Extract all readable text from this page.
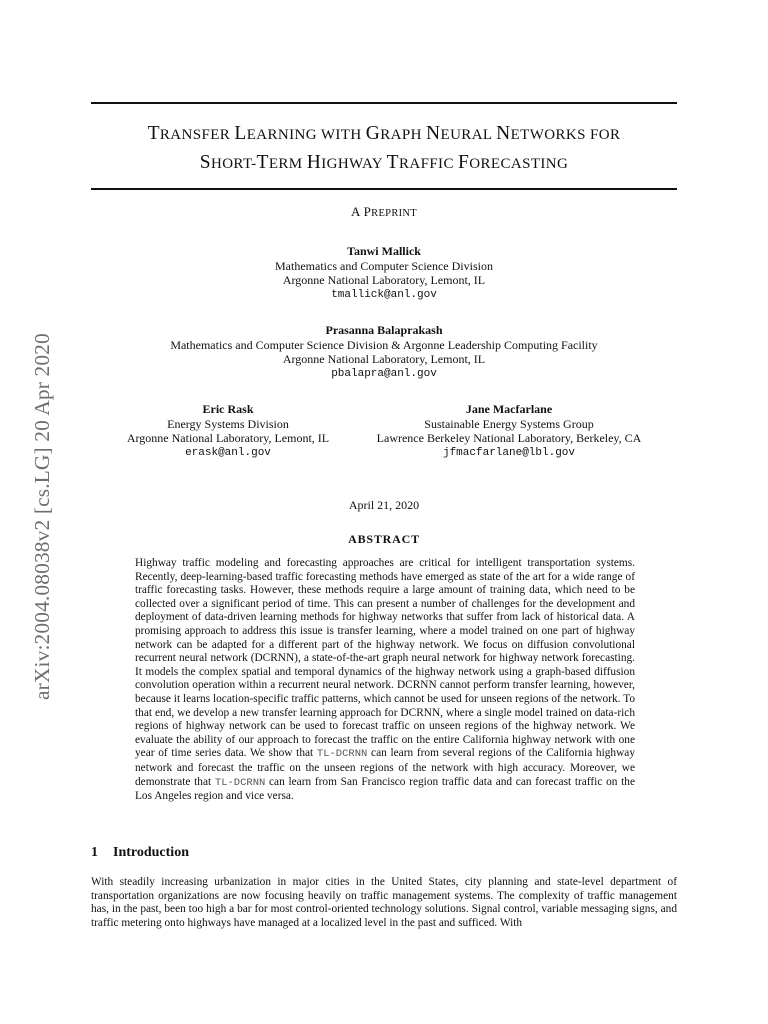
arXiv:2004.08038v2 [cs.LG] 20 Apr 2020
TRANSFER LEARNING WITH GRAPH NEURAL NETWORKS FOR
SHORT-TERM HIGHWAY TRAFFIC FORECASTING
A PREPRINT
Tanwi Mallick
Mathematics and Computer Science Division
Argonne National Laboratory, Lemont, IL
tmallick@anl.gov
Prasanna Balaprakash
Mathematics and Computer Science Division & Argonne Leadership Computing Facility
Argonne National Laboratory, Lemont, IL
pbalapra@anl.gov
Eric Rask
Energy Systems Division
Argonne National Laboratory, Lemont, IL
erask@anl.gov
Jane Macfarlane
Sustainable Energy Systems Group
Lawrence Berkeley National Laboratory, Berkeley, CA
jfmacfarlane@lbl.gov
April 21, 2020
ABSTRACT
Highway traffic modeling and forecasting approaches are critical for intelligent transportation systems. Recently, deep-learning-based traffic forecasting methods have emerged as state of the art for a wide range of traffic forecasting tasks. However, these methods require a large amount of training data, which need to be collected over a significant period of time. This can present a number of challenges for the development and deployment of data-driven learning methods for highway networks that suffer from lack of historical data. A promising approach to address this issue is transfer learning, where a model trained on one part of highway network can be adapted for a different part of the highway network. We focus on diffusion convolutional recurrent neural network (DCRNN), a state-of-the-art graph neural network for highway network forecasting. It models the complex spatial and temporal dynamics of the highway network using a graph-based diffusion convolution operation within a recurrent neural network. DCRNN cannot perform transfer learning, however, because it learns location-specific traffic patterns, which cannot be used for unseen regions of the network. To that end, we develop a new transfer learning approach for DCRNN, where a single model trained on data-rich regions of highway network can be used to forecast traffic on unseen regions of the highway network. We evaluate the ability of our approach to forecast the traffic on the entire California highway network with one year of time series data. We show that TL-DCRNN can learn from several regions of the California highway network and forecast the traffic on the unseen regions of the network with high accuracy. Moreover, we demonstrate that TL-DCRNN can learn from San Francisco region traffic data and can forecast traffic on the Los Angeles region and vice versa.
1 Introduction
With steadily increasing urbanization in major cities in the United States, city planning and state-level department of transportation organizations are now focusing heavily on traffic management systems. The complexity of traffic management has, in the past, been too high a bar for most control-oriented technology solutions. Signal control, variable messaging signs, and traffic metering onto highways have managed at a localized level in the past and sufficed. With
